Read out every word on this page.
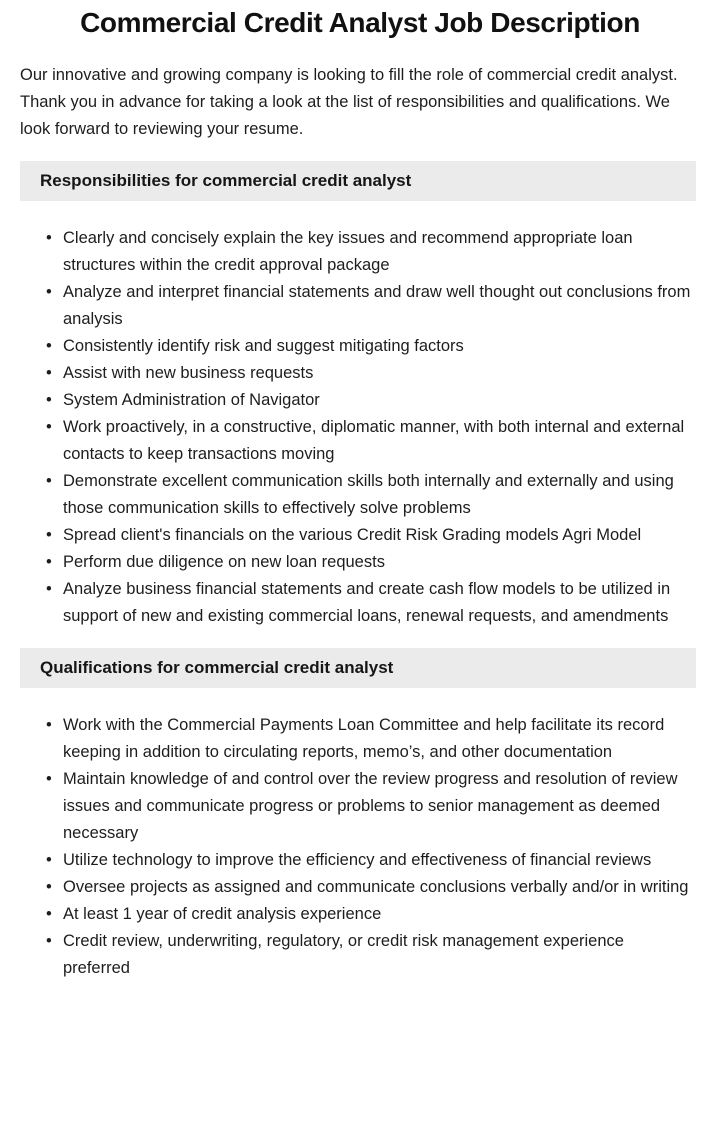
Commercial Credit Analyst Job Description

Our innovative and growing company is looking to fill the role of commercial credit analyst. Thank you in advance for taking a look at the list of responsibilities and qualifications. We look forward to reviewing your resume.

Responsibilities for commercial credit analyst
• Clearly and concisely explain the key issues and recommend appropriate loan structures within the credit approval package
• Analyze and interpret financial statements and draw well thought out conclusions from analysis
• Consistently identify risk and suggest mitigating factors
• Assist with new business requests
• System Administration of Navigator
• Work proactively, in a constructive, diplomatic manner, with both internal and external contacts to keep transactions moving
• Demonstrate excellent communication skills both internally and externally and using those communication skills to effectively solve problems
• Spread client's financials on the various Credit Risk Grading models Agri Model
• Perform due diligence on new loan requests
• Analyze business financial statements and create cash flow models to be utilized in support of new and existing commercial loans, renewal requests, and amendments
Qualifications for commercial credit analyst
• Work with the Commercial Payments Loan Committee and help facilitate its record keeping in addition to circulating reports, memo’s, and other documentation
• Maintain knowledge of and control over the review progress and resolution of review issues and communicate progress or problems to senior management as deemed necessary
• Utilize technology to improve the efficiency and effectiveness of financial reviews
• Oversee projects as assigned and communicate conclusions verbally and/or in writing
• At least 1 year of credit analysis experience
• Credit review, underwriting, regulatory, or credit risk management experience preferred
